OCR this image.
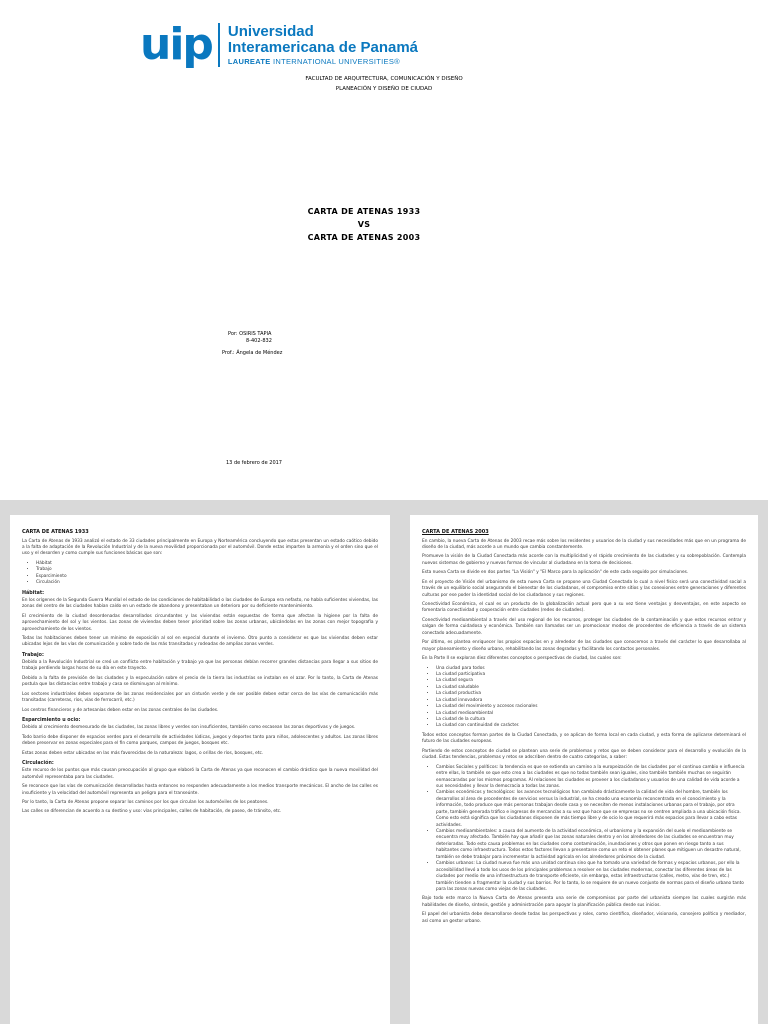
uip Universidad
Interamericana de Panamá
LAUREATE INTERNATIONAL UNIVERSITIES®
FACULTAD DE ARQUITECTURA, COMUNICACIÓN Y DISEÑO
PLANEACIÓN Y DISEÑO DE CIUDAD
CARTA DE ATENAS 1933
VS
CARTA DE ATENAS 2003
Por: OSIRIS TAPIA
8-402-832
Prof.: Ángela de Méndez
13 de febrero de 2017
CARTA DE ATENAS 1933

La Carta de Atenas de 1933 analizó el estado de 33 ciudades principalmente en Europa y Norteamérica concluyendo que estas presentan un estado caótico debido a la falta de adaptación de la Revolución Industrial y de la nueva movilidad proporcionada por el automóvil. Donde estas imparten la armonía y el orden sino que el uso y el desorden y como cumple sus funciones básicas que son:

• Hábitat
• Trabajo
• Esparcimiento
• Circulación
Hábitat:

En los orígenes de la Segunda Guerra Mundial el estado de las condiciones de habitabilidad o las ciudades de Europa era nefasto, no había suficientes viviendas, las zonas del centro de las ciudades habían caído en un estado de abandono y presentaban un deterioro por su deficiente mantenimiento.

El crecimiento de la ciudad desordenadas desarrollados circundantes y las viviendas están expuestas de forma que afectan la higiene por la falta de aprovechamiento del sol y los vientos. Las zonas de viviendas deben tener prioridad sobre las zonas urbanas, ubicándolas en las zonas con mejor topografía y aprovechamiento de los vientos.

Todas las habitaciones deben tener un mínimo de exposición al sol en especial durante el invierno. Otro punto a considerar es que las viviendas deben estar ubicadas lejos de las vías de comunicación y sobre todo de las más transitadas y rodeadas de amplias zonas verdes.

Trabajo:

Debido a la Revolución Industrial se creó un conflicto entre habitación y trabajo ya que las personas debían recorrer grandes distancias para llegar a sus sitios de trabajo perdiendo largas horas de su día en este trayecto.

Debido a la falta de previsión de las ciudades y la especulación sobre el precio de la tierra las industrias se instalan en el azar. Por lo tanto, la Carta de Atenas postula que las distancias entre trabajo y casa se disminuyan al mínimo.

Los sectores industriales deben separarse de las zonas residenciales por un cinturón verde y de ser posible deben estar cerca de las vías de comunicación más transitadas (carreteras, ríos, vías de ferrocarril, etc.)

Los centros financieros y de artesanías deben estar en las zonas centrales de las ciudades.

Esparcimiento u ocio:

Debido al crecimiento desmesurado de las ciudades, las zonas libres y verdes son insuficientes, también como escasean las zonas deportivas y de juegos.

Todo barrio debe disponer de espacios verdes para el desarrollo de actividades lúdicas, juegos y deportes tanto para niños, adolescentes y adultos. Las zonas libres deben preservar en zonas especiales para el fin como parques, campos de juegos, bosques etc.

Estas zonas deben estar ubicadas en las más favorecidas de la naturaleza: lagos, o orillas de ríos, bosques, etc.

Circulación:

Este recurso de los puntos que más causan preocupación al grupo que elaboró la Carta de Atenas ya que reconocen el cambio drástico que la nueva movilidad del automóvil representaba para las ciudades.

Se reconoce que las vías de comunicación desarrolladas hasta entonces no responden adecuadamente a los medios transporte mecánicos. El ancho de las calles es insuficiente y la velocidad del automóvil representa un peligro para el transeúnte.

Por lo tanto, la Carta de Atenas propone separar los caminos por los que circulan los automóviles de los peatones.

Las calles se diferencian de acuerdo a su destino y uso: vías principales, calles de habitación, de paseo, de tránsito, etc.

CARTA DE ATENAS 2003

En cambio, la nueva Carta de Atenas de 2003 recae más sobre los residentes y usuarios de la ciudad y sus necesidades más que en un programa de diseño de la ciudad, más acorde a un mundo que cambia constantemente.

Promueve la visión de la Ciudad Conectada más acorde con la multiplicidad y el rápido crecimiento de las ciudades y su sobrepoblación. Contempla nuevos sistemas de gobierno y nuevas formas de vincular al ciudadano en la toma de decisiones.

Esta nueva Carta se divide en dos partes "La Visión" y "El Marco para la aplicación" de este cada seguido por simulaciones.

En el proyecto de Visión del urbanismo de esta nueva Carta se propone una Ciudad Conectada lo cual a nivel físico será una conectividad social a través de un equilibrio social asegurando el bienestar de los ciudadanos, el compromiso entre sitios y las conexiones entre generaciones y diferentes culturas por ese poder la identidad social de los ciudadanos y sus regiones.

Conectividad Económica, el cual es un producto de la globalización actual pero que a su vez tiene ventajas y desventajas, en este aspecto se fomentaría conectividad y cooperación entre ciudades (redes de ciudades).

Conectividad medioambiental a través del uso regional de los recursos, proteger las ciudades de la contaminación y que estos recursos entrar y salgan de forma cuidadosa y económica. También son llamados ser un promocionar modos de procedentes de eficiencia a través de un sistema conectado adecuadamente.

Por último, es plantea enriquecer los propios espacios en y alrededor de las ciudades que conocemos a través del carácter lo que desarrollaba al mayor planeamiento y diseño urbano, rehabilitando las zonas degradas y facilitando los contactos personales.

En la Parte II se exploran diez diferentes conceptos o perspectivas de ciudad, las cuales son:

• Una ciudad para todos
• La ciudad participativa
• La ciudad segura
• La ciudad saludable
• La ciudad productiva
• La ciudad innovadora
• La ciudad del movimiento y accesos racionales
• La ciudad medioambiental
• La ciudad de la cultura
• La ciudad con continuidad de carácter.

Todos estos conceptos forman partes de la Ciudad Conectada, y se aplican de forma local en cada ciudad, y esta forma de aplicarse determinará el futuro de las ciudades europeas.

Partiendo de estos conceptos de ciudad se plantean una serie de problemas y retos que se deben considerar para el desarrollo y evolución de la ciudad. Estas tendencias, problemas y retos se adscriben dentro de cuatro categorías, a saber:

• Cambios Sociales y políticos: la tendencia es que se extienda un camino a la europeización de las ciudades por el continuo cambio e influencia entre ellas, lo también se que esto crea a las ciudades es que no todas también sean iguales, sino también también muchas se seguirán enmascaradas por los mismos programas. Al relaciones las ciudades es proveer a los ciudadanos y usuarios de una calidad de vida acorde a sus necesidades y llevar la democracia a todas las zonas.
• Cambios económicos y tecnológicos: los avances tecnológicos han cambiado drásticamente la calidad de vida del hombre, también los desarrollos al área de procedentes de servicios versus la industrial, se ha creado una economía reconcentrada en el conocimiento y la información, todo produce que más personas trabajan desde casa y se necesiten de menos instalaciones urbanas para el trabajo, por otra parte, también generada tráfico e ingresos de mercancías a su vez que hace que se empresas no se centren ampliada a una ubicación física. Como esto está significa que los ciudadanos disponen de más tiempo libre y de ocio lo que requerirá más espacios para llevar a cabo estas actividades.
• Cambios medioambientales: a causa del aumento de la actividad económica, el urbanismo y la expansión del suelo el medioambiente se encuentra muy afectado. También hay que añadir que las zonas naturales dentro y en los alrededores de las ciudades se encuentran muy deterioradas. Todo esto causa problemas en las ciudades como contaminación, inundaciones y otros que ponen en riesgo tanto a sus habitantes como infraestructura. Todos estos factores llevan a presentarse como un reto el obtener planes que mitiguen un desastre natural, también se debe trabajar para incrementar la actividad agrícola en los alrededores próximos de la ciudad.
• Cambios urbanos: La ciudad nueva fue más una unidad continua sino que ha tomado una variedad de formas y espacios urbanos, por ello la accesibilidad llevó a todo los usos de los principales problemas a resolver en las ciudades modernas, conectar las diferentes áreas de las ciudades por medio de una infraestructura de transporte eficiente, sin embargo, estas infraestructuras (calles, metro, vías de tren, etc.) también tienden a fragmentar la ciudad y sus barrios. Por lo tanto, lo se requiere de un nuevo conjunto de normas para el diseño urbano tanto para las zonas nuevas como viejas de las ciudades.

Bajo todo este marco la Nueva Carta de Atenas presenta una serie de compromisos por parte del urbanista siempre las cuales surgirán más habilidades de diseño, síntesis, gestión y administración para apoyar la planificación pública desde sus inicios.

El papel del urbanista debe desarrollarse desde todas las perspectivas y roles, como científico, diseñador, visionario, consejero político y mediador, así como un gestor urbano.
